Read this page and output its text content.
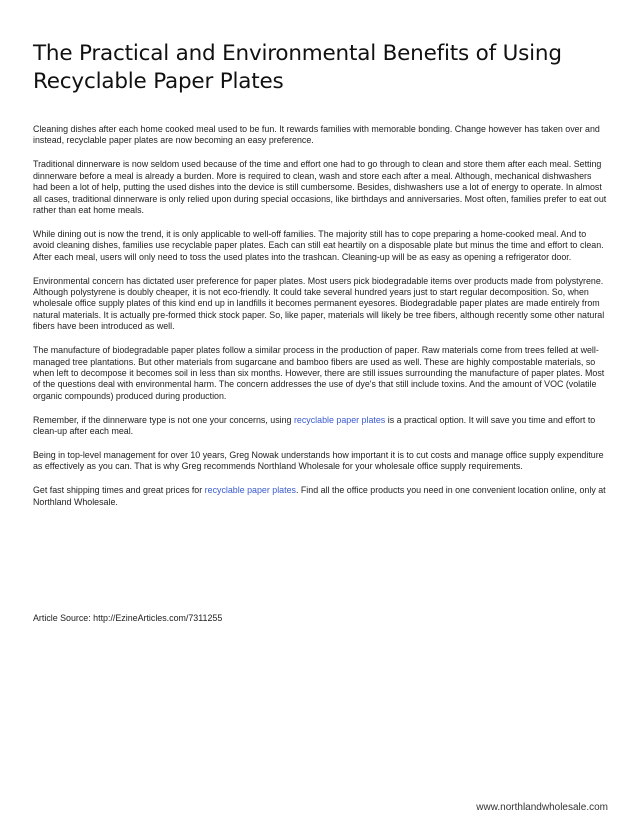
The Practical and Environmental Benefits of Using Recyclable Paper Plates

Cleaning dishes after each home cooked meal used to be fun. It rewards families with memorable bonding. Change however has taken over and instead, recyclable paper plates are now becoming an easy preference.

Traditional dinnerware is now seldom used because of the time and effort one had to go through to clean and store them after each meal. Setting dinnerware before a meal is already a burden. More is required to clean, wash and store each after a meal. Although, mechanical dishwashers had been a lot of help, putting the used dishes into the device is still cumbersome. Besides, dishwashers use a lot of energy to operate. In almost all cases, traditional dinnerware is only relied upon during special occasions, like birthdays and anniversaries. Most often, families prefer to eat out rather than eat home meals.

While dining out is now the trend, it is only applicable to well-off families. The majority still has to cope preparing a home-cooked meal. And to avoid cleaning dishes, families use recyclable paper plates. Each can still eat heartily on a disposable plate but minus the time and effort to clean. After each meal, users will only need to toss the used plates into the trashcan. Cleaning-up will be as easy as opening a refrigerator door.

Environmental concern has dictated user preference for paper plates. Most users pick biodegradable items over products made from polystyrene. Although polystyrene is doubly cheaper, it is not eco-friendly. It could take several hundred years just to start regular decomposition. So, when wholesale office supply plates of this kind end up in landfills it becomes permanent eyesores. Biodegradable paper plates are made entirely from natural materials. It is actually pre-formed thick stock paper. So, like paper, materials will likely be tree fibers, although recently some other natural fibers have been introduced as well.

The manufacture of biodegradable paper plates follow a similar process in the production of paper. Raw materials come from trees felled at well-managed tree plantations. But other materials from sugarcane and bamboo fibers are used as well. These are highly compostable materials, so when left to decompose it becomes soil in less than six months. However, there are still issues surrounding the manufacture of paper plates. Most of the questions deal with environmental harm. The concern addresses the use of dye's that still include toxins. And the amount of VOC (volatile organic compounds) produced during production.

Remember, if the dinnerware type is not one your concerns, using recyclable paper plates is a practical option. It will save you time and effort to clean-up after each meal.

Being in top-level management for over 10 years, Greg Nowak understands how important it is to cut costs and manage office supply expenditure as effectively as you can. That is why Greg recommends Northland Wholesale for your wholesale office supply requirements.

Get fast shipping times and great prices for recyclable paper plates. Find all the office products you need in one convenient location online, only at Northland Wholesale.

Article Source: http://EzineArticles.com/7311255
www.northlandwholesale.com
